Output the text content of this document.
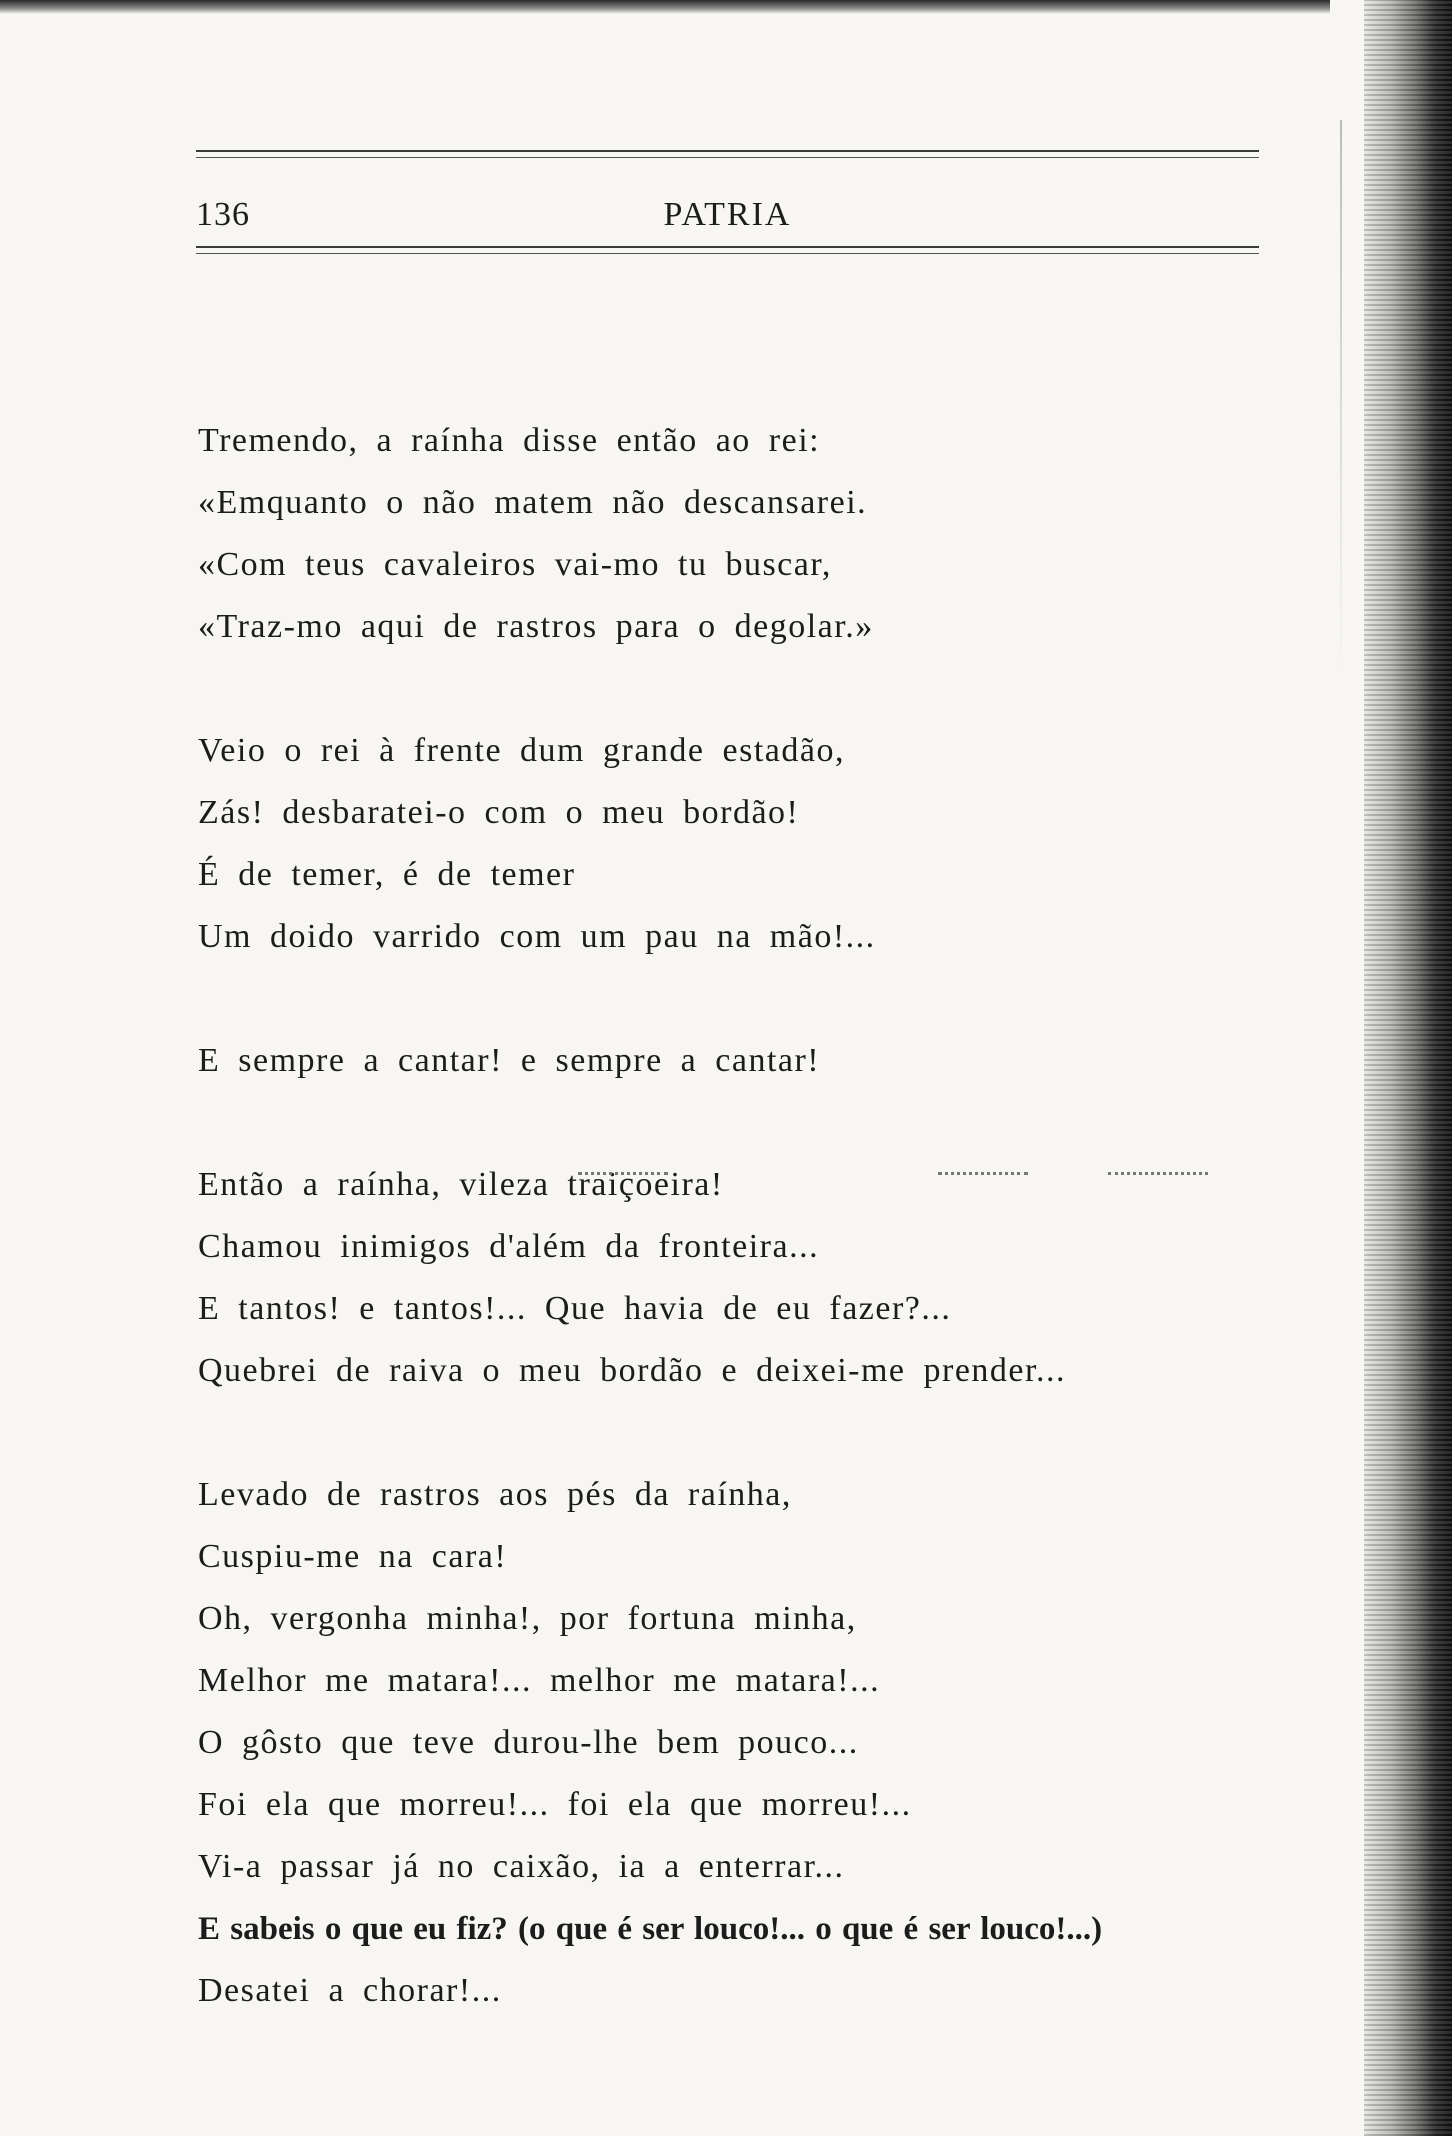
136	PATRIA
Tremendo, a raínha disse então ao rei:
«Emquanto o não matem não descansarei.
«Com teus cavaleiros vai-mo tu buscar,
«Traz-mo aqui de rastros para o degolar.»
Veio o rei à frente dum grande estadão,
Zás! desbaratei-o com o meu bordão!
É de temer, é de temer
Um doido varrido com um pau na mão!...
E sempre a cantar! e sempre a cantar!
Então a raínha, vileza traiçoeira!
Chamou inimigos d'além da fronteira...
E tantos! e tantos!... Que havia de eu fazer?...
Quebrei de raiva o meu bordão e deixei-me prender...
Levado de rastros aos pés da raínha,
Cuspiu-me na cara!
Oh, vergonha minha!, por fortuna minha,
Melhor me matara!... melhor me matara!...
O gôsto que teve durou-lhe bem pouco...
Foi ela que morreu!... foi ela que morreu!...
Vi-a passar já no caixão, ia a enterrar...
E sabeis o que eu fiz? (o que é ser louco!... o que é ser louco!...)
Desatei a chorar!...
